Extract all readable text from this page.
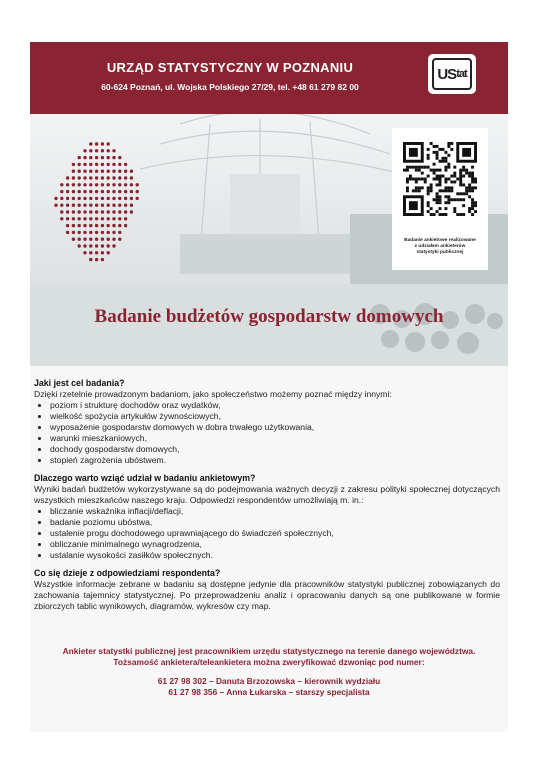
URZĄD STATYSTYCZNY W POZNANIU
60-624 Poznań, ul. Wojska Polskiego 27/29, tel. +48 61 279 82 00
US tat
Badanie ankietowe realizowane
z udziałem ankieterów
statystyki publicznej
Badanie budżetów gospodarstw domowych
Jaki jest cel badania?

Dzięki rzetelnie prowadzonym badaniom, jako społeczeństwo możemy poznać między innymi:

• poziom i strukturę dochodów oraz wydatków,
• wielkość spożycia artykułów żywnościowych,
• wyposażenie gospodarstw domowych w dobra trwałego użytkowania,
• warunki mieszkaniowych,
• dochody gospodarstw domowych,
• stopień zagrożenia ubóstwem.
Dlaczego warto wziąć udział w badaniu ankietowym?

Wyniki badań budżetów wykorzystywane są do podejmowania ważnych decyzji z zakresu polityki społecznej dotyczących wszystkich mieszkańców naszego kraju. Odpowiedzi respondentów umożliwiają m. in.:

• bliczanie wskaźnika inflacji/deflacji,
• badanie poziomu ubóstwa,
• ustalenie progu dochodowego uprawniającego do świadczeń społecznych,
• obliczanie minimalnego wynagrodzenia,
• ustalanie wysokości zasiłków społecznych.
Co się dzieje z odpowiedziami respondenta?

Wszystkie informacje zebrane w badaniu są dostępne jedynie dla pracowników statystyki publicznej zobowiązanych do zachowania tajemnicy statystycznej. Po przeprowadzeniu analiz i opracowaniu danych są one publikowane w formie zbiorczych tablic wynikowych, diagramów, wykresów czy map.

Ankieter statystki publicznej jest pracownikiem urzędu statystycznego na terenie danego województwa. Tożsamość ankietera/teleankietera można zweryfikować dzwoniąc pod numer:
61 27 98 302 – Danuta Brzozowska – kierownik wydziału
61 27 98 356 – Anna Łukarska – starszy specjalista
